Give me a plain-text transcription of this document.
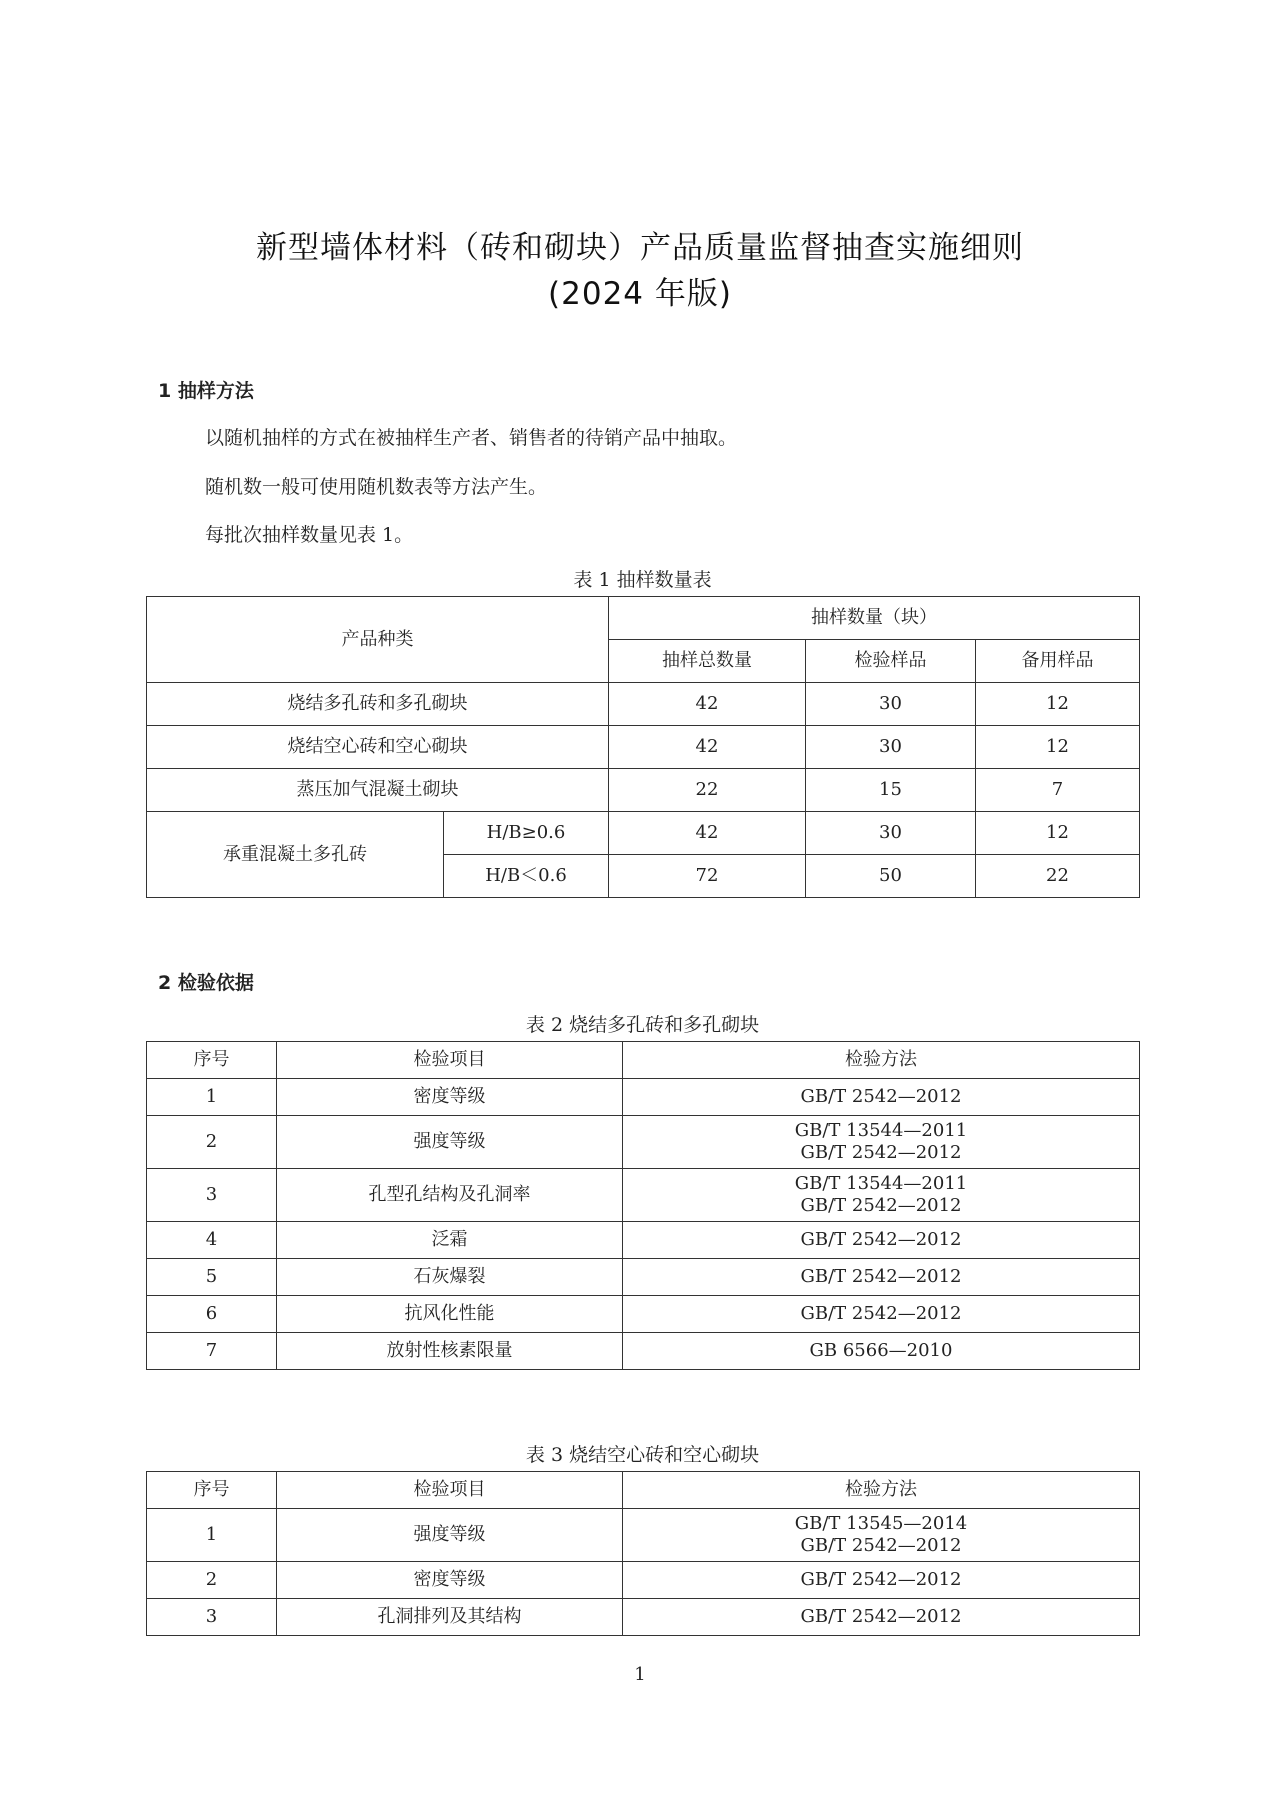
新型墙体材料（砖和砌块）产品质量监督抽查实施细则
(2024 年版)
1 抽样方法
以随机抽样的方式在被抽样生产者、销售者的待销产品中抽取。
随机数一般可使用随机数表等方法产生。
每批次抽样数量见表 1。
表 1 抽样数量表
产品种类		抽样数量（块）		
		抽样总数量	检验样品	备用样品
烧结多孔砖和多孔砌块		42	30	12
烧结空心砖和空心砌块		42	30	12
蒸压加气混凝土砌块		22	15	7
承重混凝土多孔砖	H/B≥0.6	42	30	12
	H/B＜0.6	72	50	22
2 检验依据
表 2 烧结多孔砖和多孔砌块
序号	检验项目	检验方法
1	密度等级	GB/T 2542—2012

2	强度等级	GB/T 13544—2011
GB/T 2542—2012

3	孔型孔结构及孔洞率	GB/T 13544—2011
GB/T 2542—2012

4	泛霜	GB/T 2542—2012

5	石灰爆裂	GB/T 2542—2012

6	抗风化性能	GB/T 2542—2012

7	放射性核素限量	GB 6566—2010
表 3 烧结空心砖和空心砌块
序号	检验项目	检验方法
1	强度等级	GB/T 13545—2014
GB/T 2542—2012

2	密度等级	GB/T 2542—2012

3	孔洞排列及其结构	GB/T 2542—2012
1
